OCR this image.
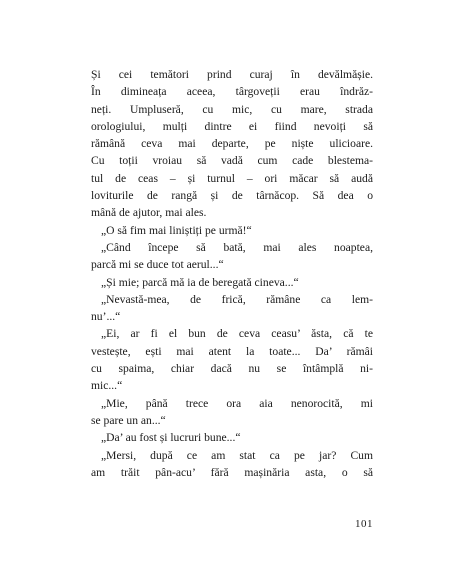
Și cei temători prind curaj în devălmășie.
În dimineața aceea, târgoveții erau îndrăz-
neți. Umpluseră, cu mic, cu mare, strada
orologiului, mulți dintre ei fiind nevoiți să
rămână ceva mai departe, pe niște ulicioare.
Cu toții vroiau să vadă cum cade blestema-
tul de ceas – și turnul – ori măcar să audă
loviturile de rangă și de târnăcop. Să dea o
mână de ajutor, mai ales.
„O să fim mai liniștiți pe urmă!“
„Când începe să bată, mai ales noaptea,
parcă mi se duce tot aerul...“
„Și mie; parcă mă ia de beregată cineva...“
„Nevastă-mea, de frică, rămâne ca lem-
nu’...“
„Ei, ar fi el bun de ceva ceasu’ ăsta, că te
vestește, ești mai atent la toate... Da’ rămâi
cu spaima, chiar dacă nu se întâmplă ni-
mic...“
„Mie, până trece ora aia nenorocită, mi
se pare un an...“
„Da’ au fost și lucruri bune...“
„Mersi, după ce am stat ca pe jar? Cum
am trăit pân-acu’ fără mașinăria asta, o să
101
